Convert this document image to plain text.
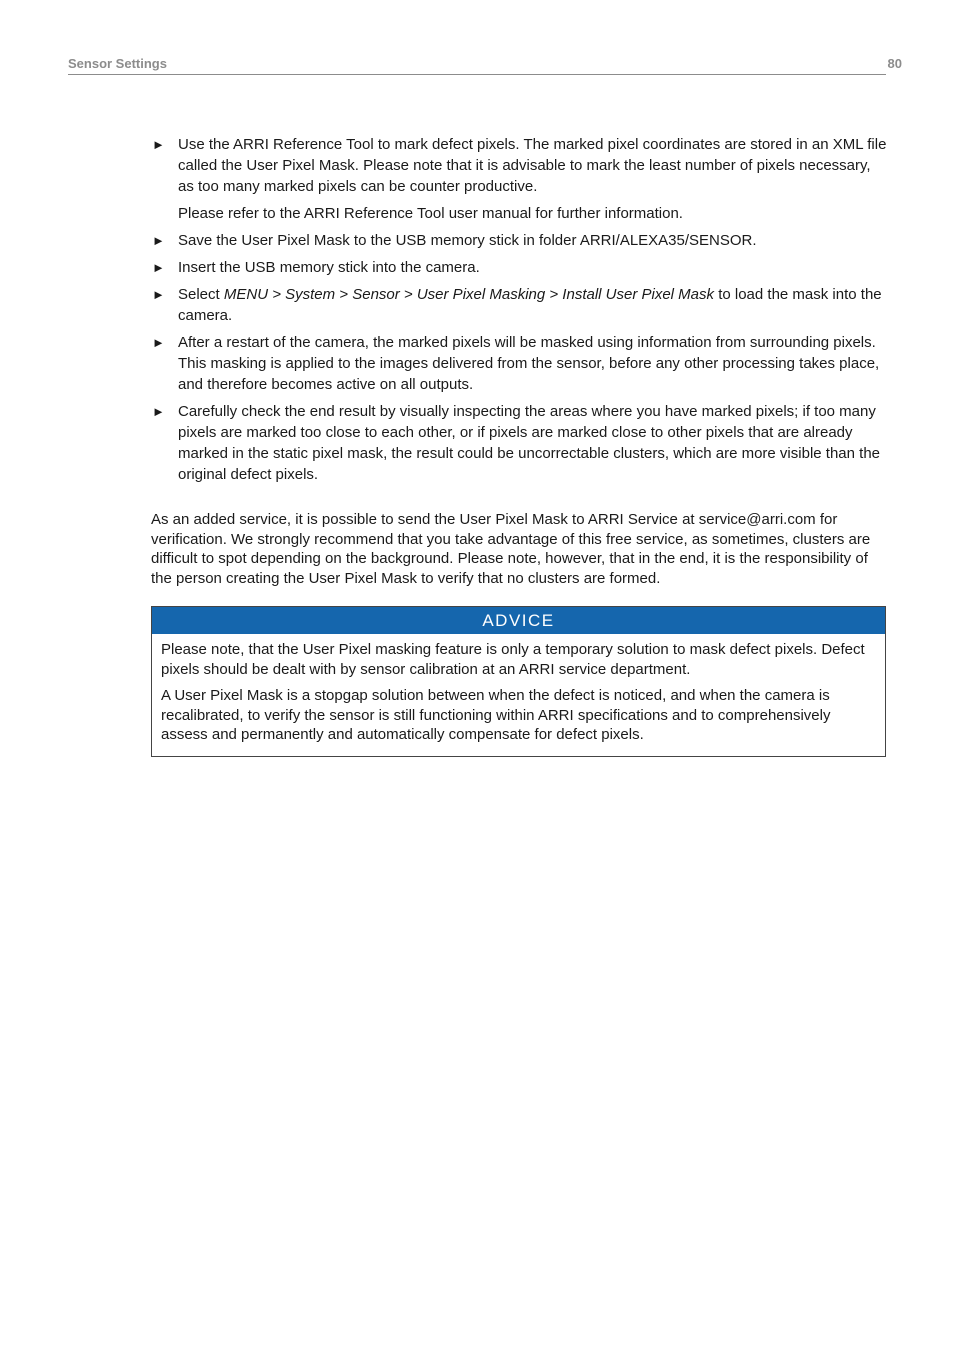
Sensor Settings	80
► Use the ARRI Reference Tool to mark defect pixels. The marked pixel coordinates are stored in an XML file called the User Pixel Mask. Please note that it is advisable to mark the least number of pixels necessary, as too many marked pixels can be counter productive.

Please refer to the ARRI Reference Tool user manual for further information.

► Save the User Pixel Mask to the USB memory stick in folder ARRI/ALEXA35/SENSOR.

► Insert the USB memory stick into the camera.

► Select MENU > System > Sensor > User Pixel Masking > Install User Pixel Mask to load the mask into the camera.

► After a restart of the camera, the marked pixels will be masked using information from surrounding pixels. This masking is applied to the images delivered from the sensor, before any other processing takes place, and therefore becomes active on all outputs.

► Carefully check the end result by visually inspecting the areas where you have marked pixels; if too many pixels are marked too close to each other, or if pixels are marked close to other pixels that are already marked in the static pixel mask, the result could be uncorrectable clusters, which are more visible than the original defect pixels.

As an added service, it is possible to send the User Pixel Mask to ARRI Service at service@arri.com for verification. We strongly recommend that you take advantage of this free service, as sometimes, clusters are difficult to spot depending on the background. Please note, however, that in the end, it is the responsibility of the person creating the User Pixel Mask to verify that no clusters are formed.

ADVICE

Please note, that the User Pixel masking feature is only a temporary solution to mask defect pixels. Defect pixels should be dealt with by sensor calibration at an ARRI service department.

A User Pixel Mask is a stopgap solution between when the defect is noticed, and when the camera is recalibrated, to verify the sensor is still functioning within ARRI specifications and to comprehensively assess and permanently and automatically compensate for defect pixels.
